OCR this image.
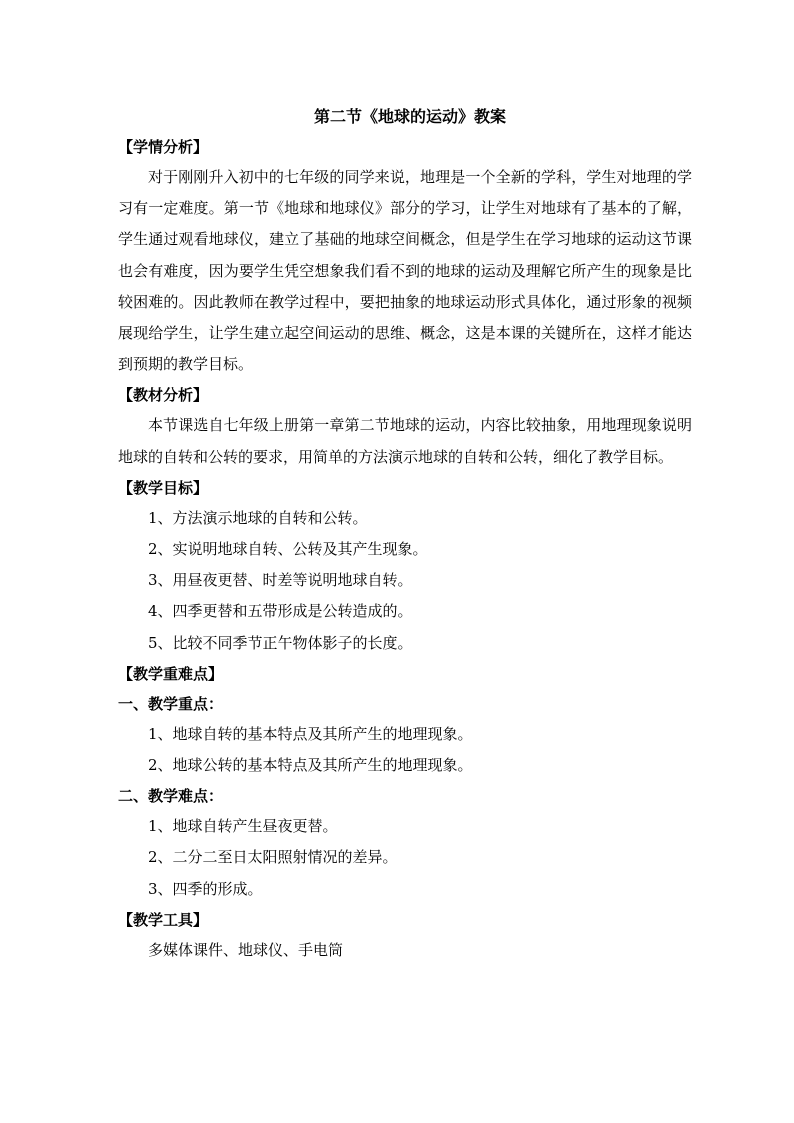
第二节《地球的运动》教案
【学情分析】

对于刚刚升入初中的七年级的同学来说，地理是一个全新的学科，学生对地理的学习有一定难度。第一节《地球和地球仪》部分的学习，让学生对地球有了基本的了解，学生通过观看地球仪，建立了基础的地球空间概念，但是学生在学习地球的运动这节课也会有难度，因为要学生凭空想象我们看不到的地球的运动及理解它所产生的现象是比较困难的。因此教师在教学过程中，要把抽象的地球运动形式具体化，通过形象的视频展现给学生，让学生建立起空间运动的思维、概念，这是本课的关键所在，这样才能达到预期的教学目标。

【教材分析】

本节课选自七年级上册第一章第二节地球的运动，内容比较抽象，用地理现象说明地球的自转和公转的要求，用简单的方法演示地球的自转和公转，细化了教学目标。

【教学目标】
1、方法演示地球的自转和公转。
2、实说明地球自转、公转及其产生现象。
3、用昼夜更替、时差等说明地球自转。
4、四季更替和五带形成是公转造成的。
5、比较不同季节正午物体影子的长度。
【教学重难点】
一、教学重点：
1、地球自转的基本特点及其所产生的地理现象。
2、地球公转的基本特点及其所产生的地理现象。
二、教学难点：
1、地球自转产生昼夜更替。
2、二分二至日太阳照射情况的差异。
3、四季的形成。
【教学工具】
多媒体课件、地球仪、手电筒
